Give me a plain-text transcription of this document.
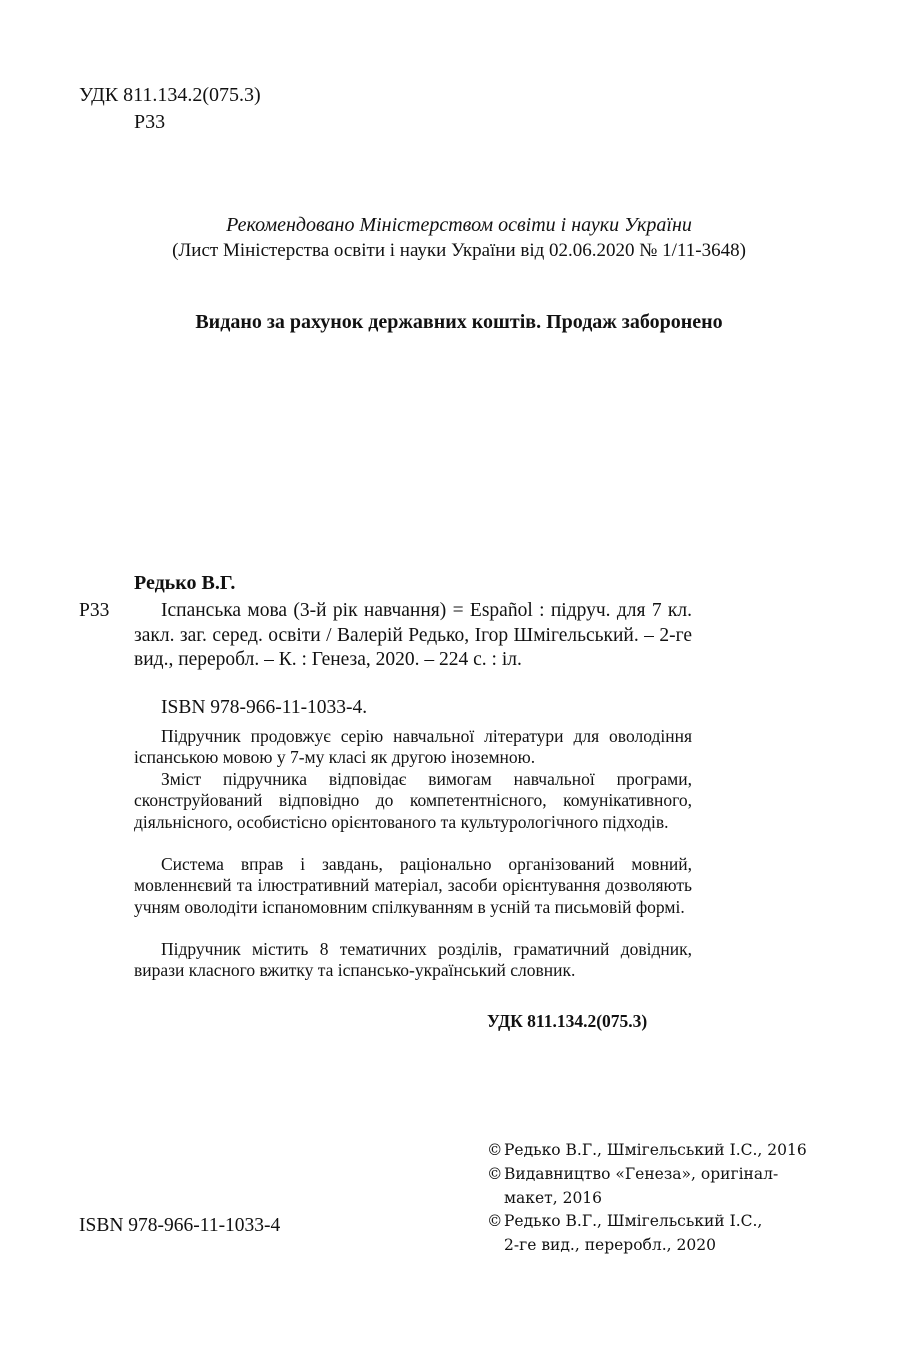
УДК 811.134.2(075.3)
Р33
Рекомендовано Міністерством освіти і науки України
(Лист Міністерства освіти і науки України від 02.06.2020 № 1/11-3648)
Видано за рахунок державних коштів. Продаж заборонено
Редько В.Г.
Р33	Іспанська мова (3-й рік навчання) = Español : підруч. для 7 кл. закл. заг. серед. освіти / Валерій Редько, Ігор Шмігельський. – 2-ге вид., переробл. – К. : Генеза, 2020. – 224 с. : іл.

ISBN 978-966-11-1033-4.

Підручник продовжує серію навчальної літератури для оволодіння іспанською мовою у 7-му класі як другою іноземною.

Зміст підручника відповідає вимогам навчальної програми, сконструйований відповідно до компетентнісного, комунікативного, діяльнісного, особистісно орієнтованого та культурологічного підходів.

Система вправ і завдань, раціонально організований мовний, мовленнєвий та ілюстративний матеріал, засоби орієнтування дозволяють учням оволодіти іспаномовним спілкуванням в усній та письмовій формі.

Підручник містить 8 тематичних розділів, граматичний довідник, вирази класного вжитку та іспансько-український словник.

УДК 811.134.2(075.3)
©Редько В.Г., Шмігельський І.С., 2016
©Видавництво «Генеза», оригінал-
макет, 2016
©Редько В.Г., Шмігельський І.С.,
2-ге вид., переробл., 2020
ISBN 978-966-11-1033-4
